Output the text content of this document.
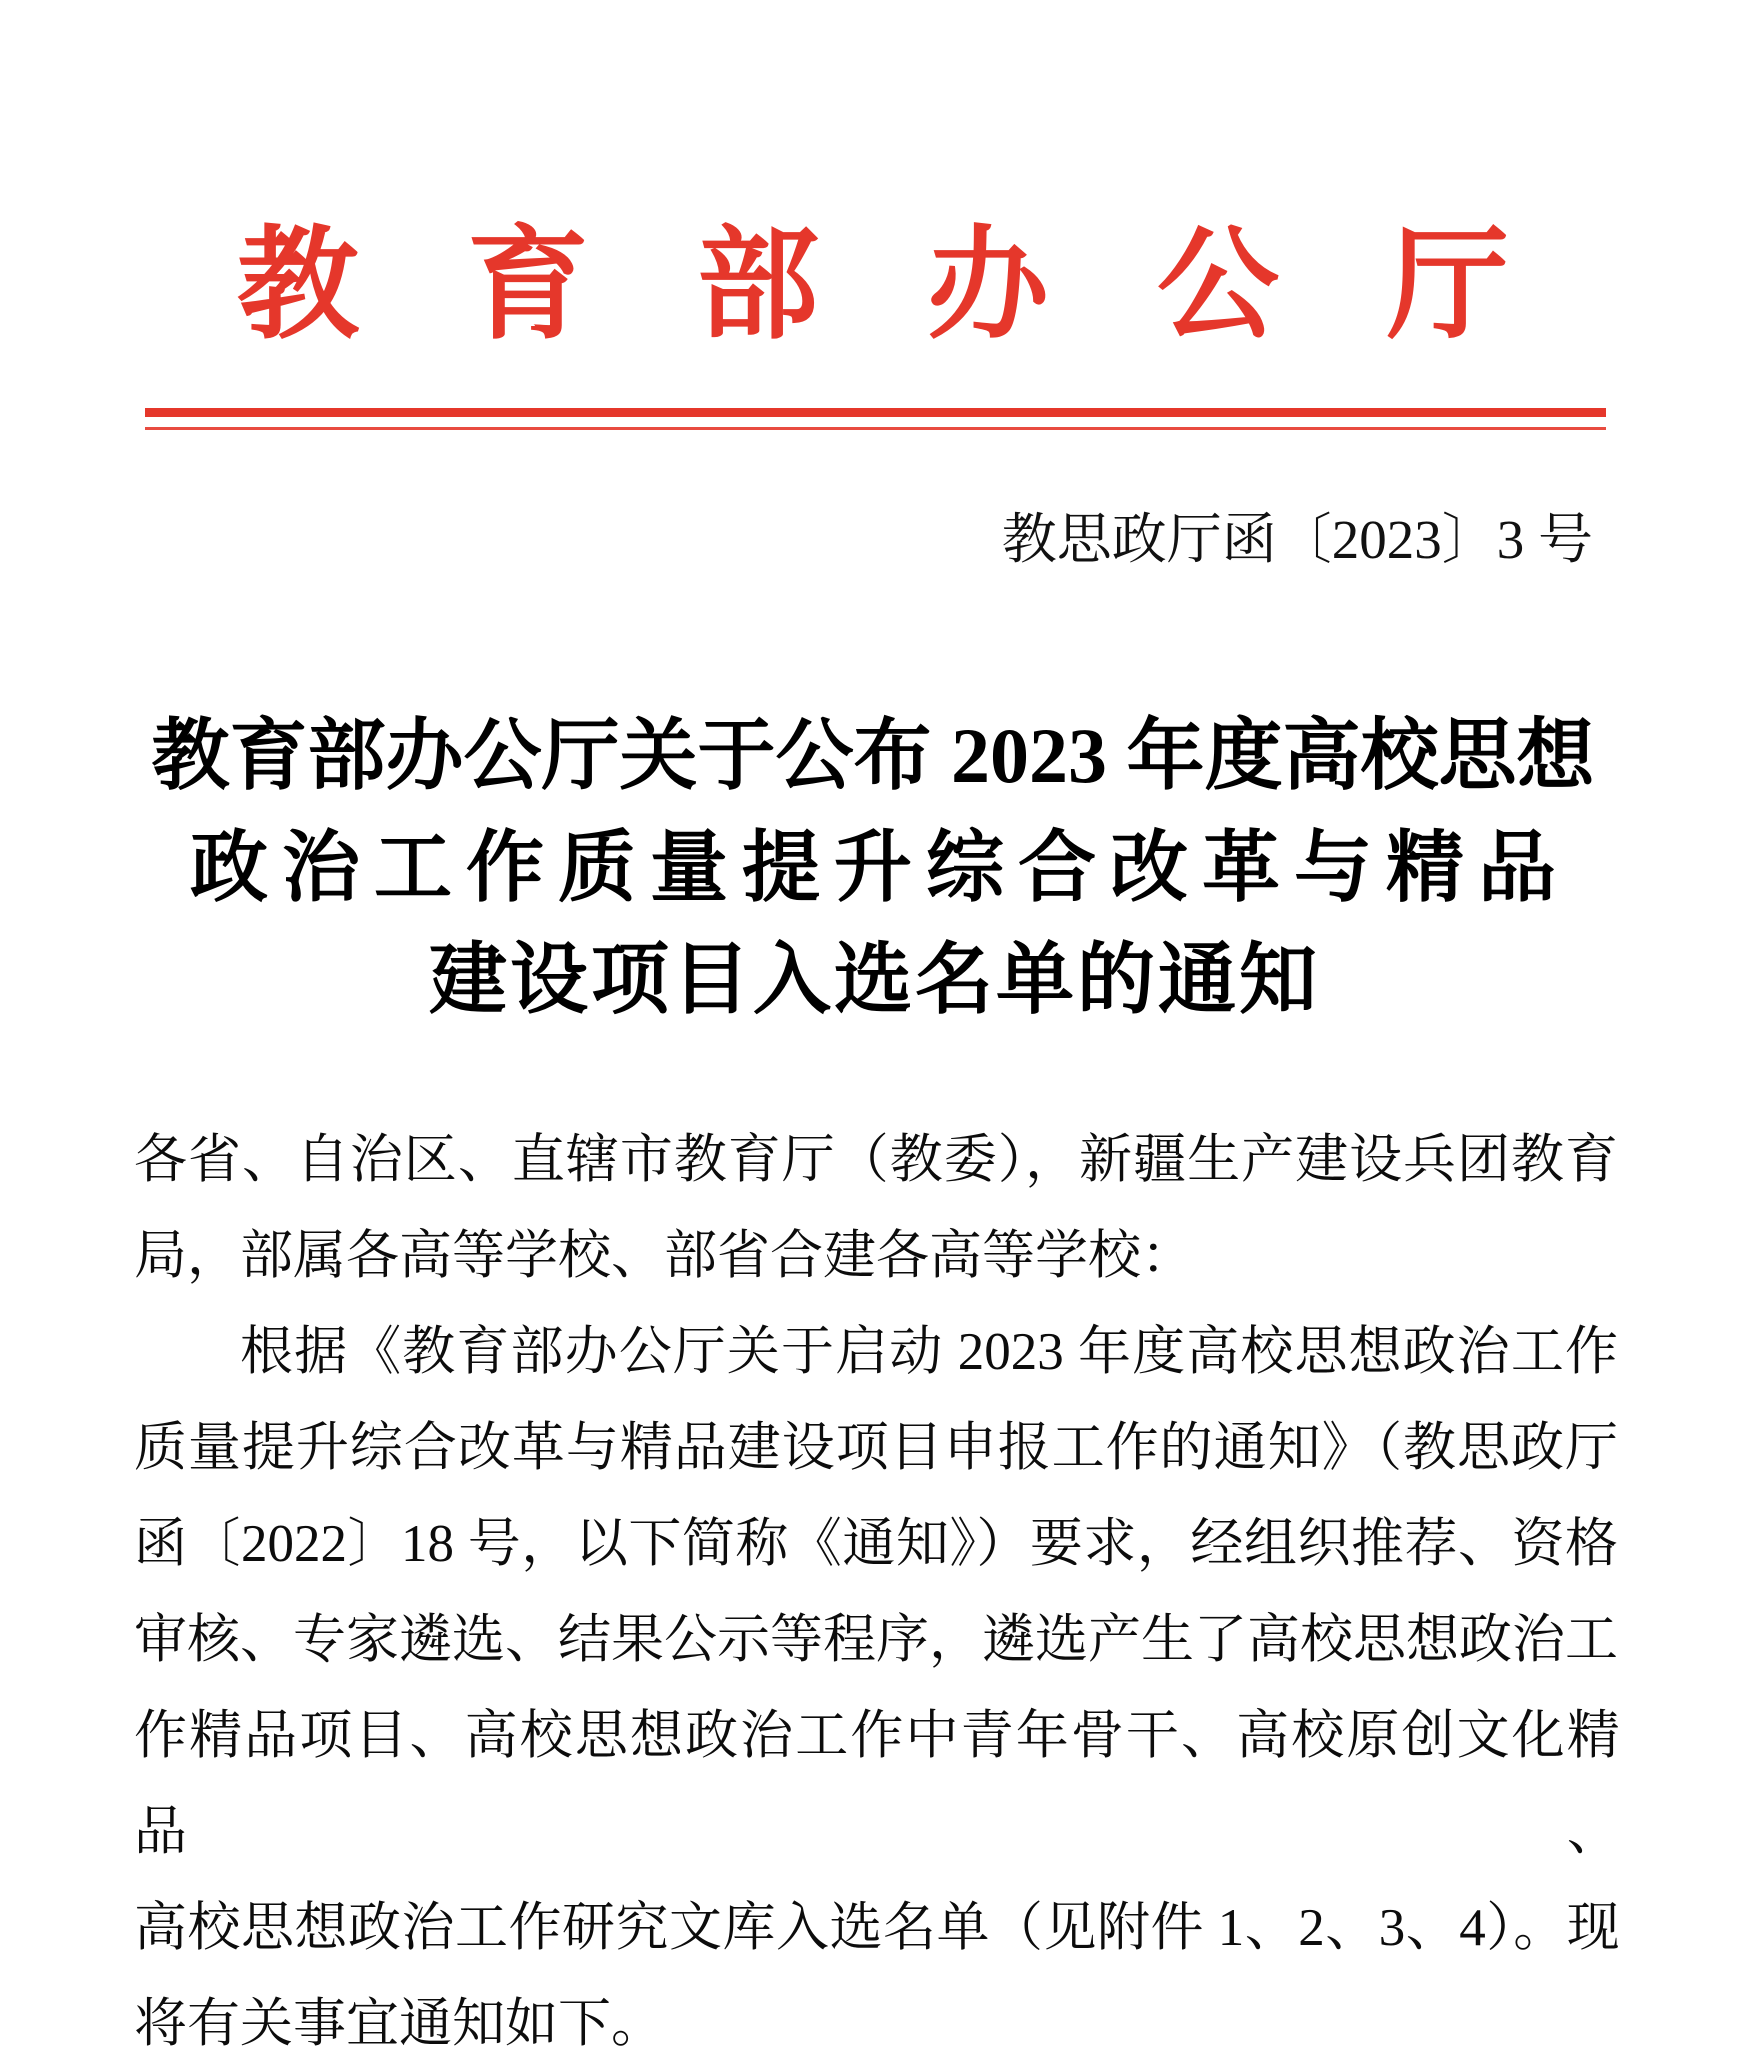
教育部办公厅
教思政厅函〔2023〕3 号
教育部办公厅关于公布 2023 年度高校思想
政治工作质量提升综合改革与精品
建设项目入选名单的通知
各省、自治区、直辖市教育厅（教委），新疆生产建设兵团教育
局，部属各高等学校、部省合建各高等学校：
根据《教育部办公厅关于启动 2023 年度高校思想政治工作
质量提升综合改革与精品建设项目申报工作的通知》（教思政厅
函〔2022〕18 号，以下简称《通知》）要求，经组织推荐、资格
审核、专家遴选、结果公示等程序，遴选产生了高校思想政治工
作精品项目、高校思想政治工作中青年骨干、高校原创文化精品、
高校思想政治工作研究文库入选名单（见附件 1、2、3、4）。现
将有关事宜通知如下。
